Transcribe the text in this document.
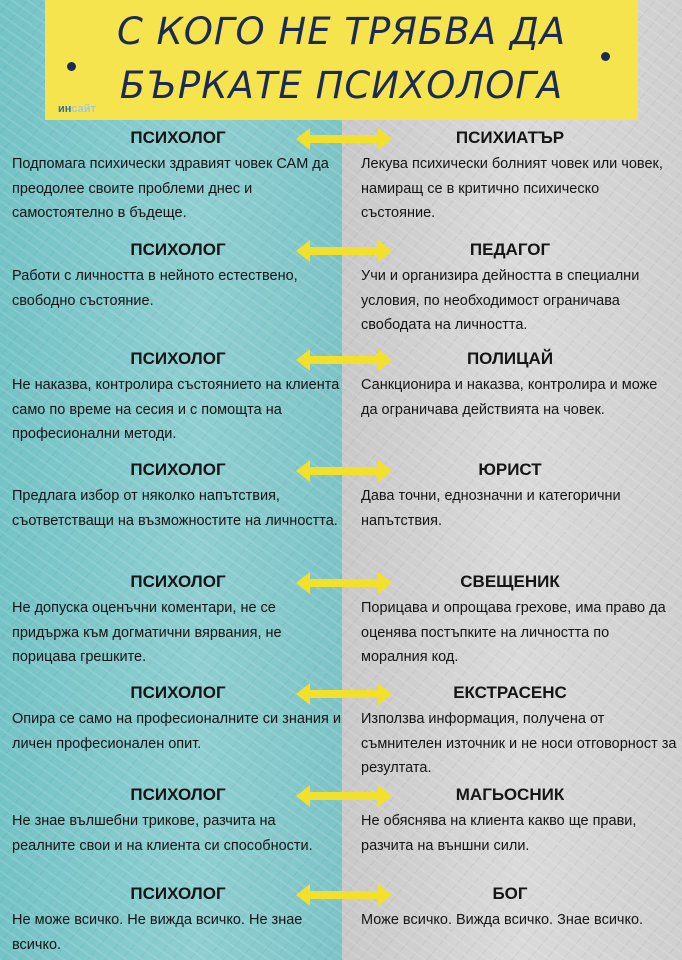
С КОГО НЕ ТРЯБВА ДА
БЪРКАТЕ ПСИХОЛОГА
инсайт
ПСИХОЛОГ	ПСИХИАТЪР
Подпомага психически здравият човек САМ да преодолее своите проблеми днес и самостоятелно в бъдеще.
Лекува психически болният човек или човек, намиращ се в критично психическо състояние.
ПСИХОЛОГ	ПЕДАГОГ
Работи с личността в нейното естествено, свободно състояние.
Учи и организира дейността в специални условия, по необходимост ограничава свободата на личността.
ПСИХОЛОГ	ПОЛИЦАЙ
Не наказва, контролира състоянието на клиента само по време на сесия и с помощта на професионални методи.
Санкционира и наказва, контролира и може да ограничава действията на човек.
ПСИХОЛОГ	ЮРИСТ
Предлага избор от няколко напътствия, съответстващи на възможностите на личността.
Дава точни, еднозначни и категорични напътствия.
ПСИХОЛОГ	СВЕЩЕНИК
Не допуска оценъчни коментари, не се придържа към догматични вярвания, не порицава грешките.
Порицава и опрощава грехове, има право да оценява постъпките на личността по моралния код.
ПСИХОЛОГ	ЕКСТРАСЕНС
Опира се само на професионалните си знания и личен професионален опит.
Използва информация, получена от съмнителен източник и не носи отговорност за резултата.
ПСИХОЛОГ	МАГЬОСНИК
Не знае вълшебни трикове, разчита на реалните свои и на клиента си способности.
Не обяснява на клиента какво ще прави, разчита на външни сили.
ПСИХОЛОГ	БОГ
Не може всичко. Не вижда всичко. Не знае всичко.
Може всичко. Вижда всичко. Знае всичко.
